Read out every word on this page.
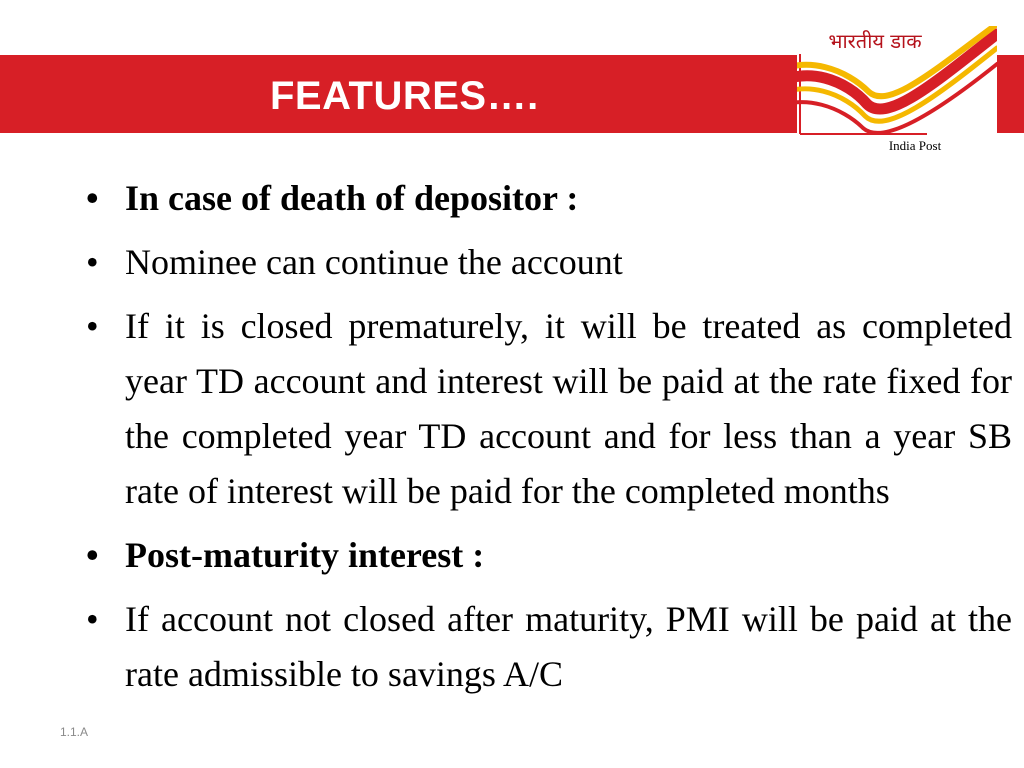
FEATURES….
भारतीय डाक
India Post
• In case of death of depositor :
• Nominee can continue the account
• If it is closed prematurely, it will be treated as completed year TD account and interest will be paid at the rate fixed for the completed year TD account and for less than a year SB rate of interest will be paid for the completed months
• Post-maturity interest :
• If account not closed after maturity, PMI will be paid at the rate admissible to savings A/C
1.1.A
